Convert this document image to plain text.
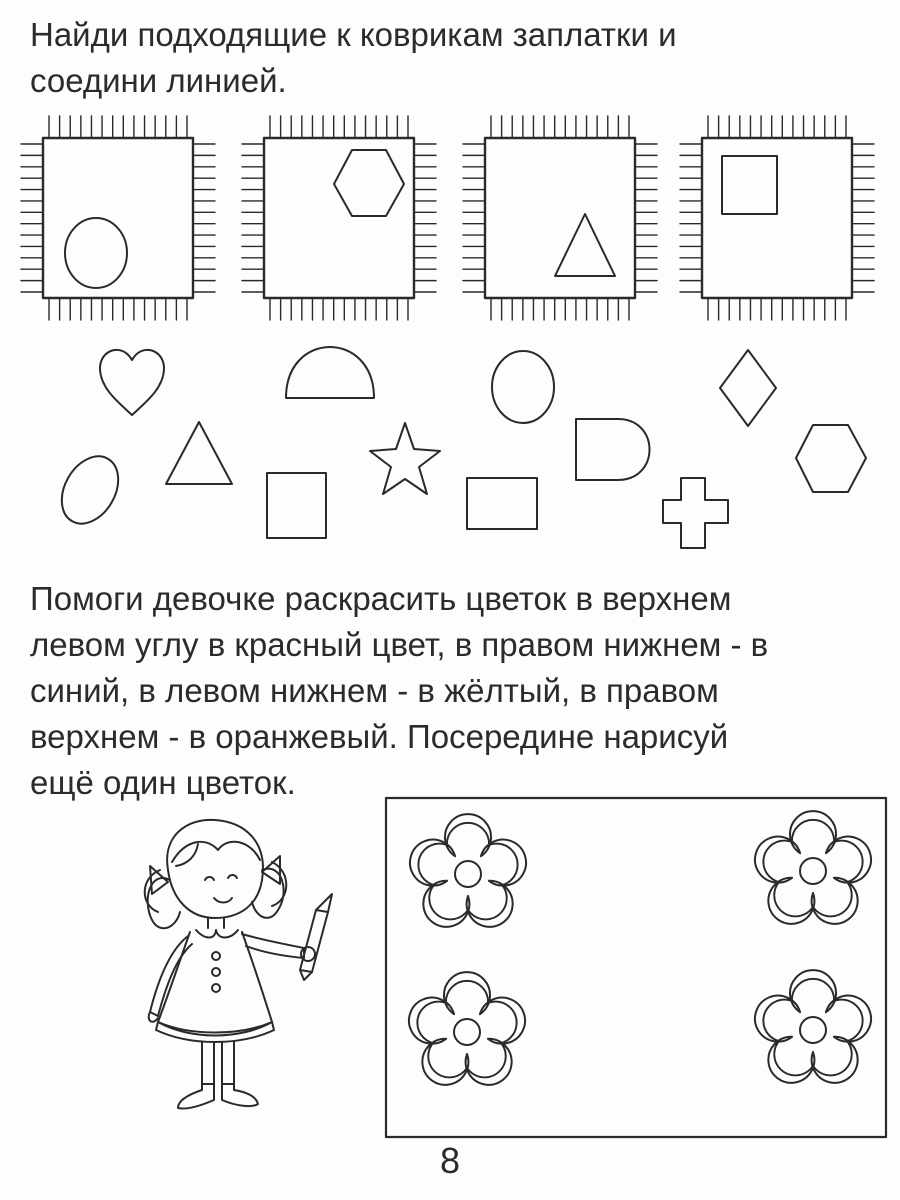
Найди подходящие к коврикам заплатки и
соедини линией.
Помоги девочке раскрасить цветок в верхнем
левом углу в красный цвет, в правом нижнем - в
синий, в левом нижнем - в жёлтый, в правом
верхнем - в оранжевый. Посередине нарисуй
ещё один цветок.
8
